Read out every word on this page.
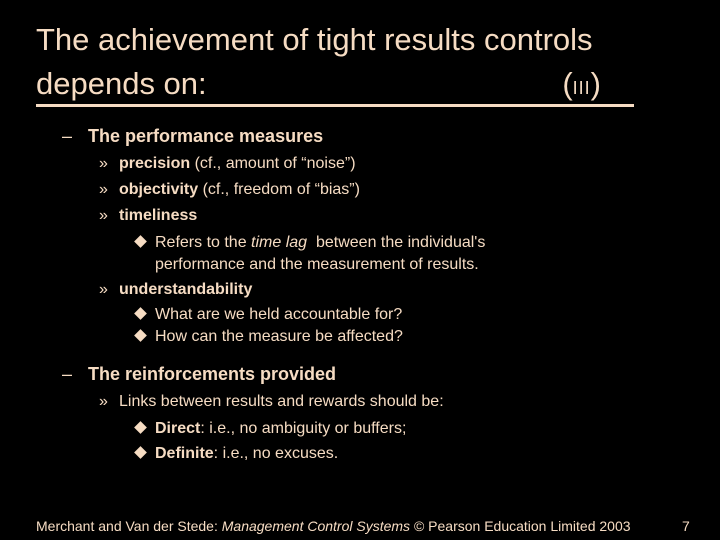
The achievement of tight results controls
depends on:	(III)
– The performance measures
» precision (cf., amount of “noise”)
» objectivity (cf., freedom of “bias”)
» timeliness
Refers to the time lag  between the individual's
performance and the measurement of results.
» understandability
What are we held accountable for?
How can the measure be affected?
– The reinforcements provided
» Links between results and rewards should be:
Direct: i.e., no ambiguity or buffers;
Definite: i.e., no excuses.
Merchant and Van der Stede: Management Control Systems © Pearson Education Limited 2003	7
